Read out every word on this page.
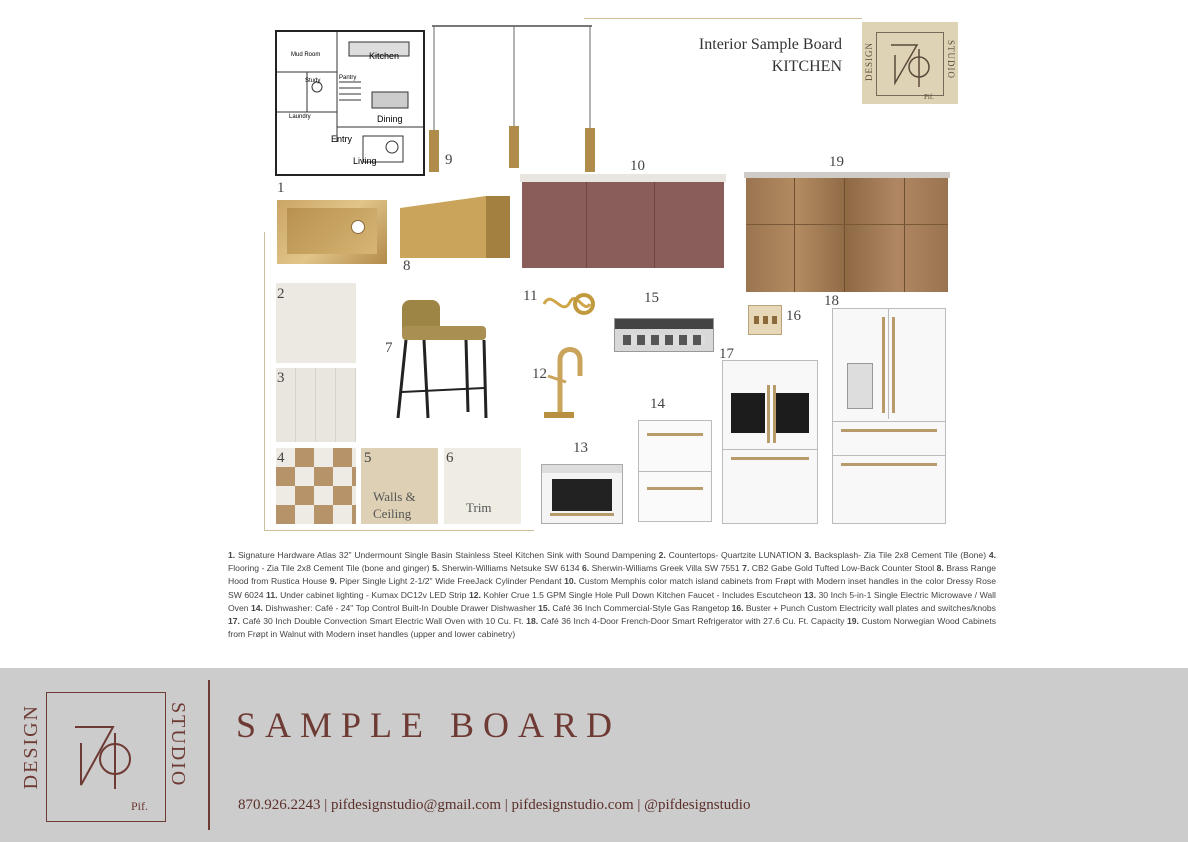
Mud Room	Kitchen
Study	Pantry
Laundry	Dining
Entry
Living
Interior Sample Board
KITCHEN DESIGN	STUDIO
Pif.
Walls &
Ceiling	Trim
1
2
3
4	5	6
7
8
9	10
11
12
13
14
15
16
17
18
19
1. Signature Hardware Atlas 32" Undermount Single Basin Stainless Steel Kitchen Sink with Sound Dampening 2. Countertops- Quartzite LUNATION 3. Backsplash- Zia Tile 2x8 Cement Tile (Bone) 4. Flooring - Zia Tile 2x8 Cement Tile (bone and ginger) 5. Sherwin-Williams Netsuke SW 6134 6. Sherwin-Williams Greek Villa SW 7551 7. CB2 Gabe Gold Tufted Low-Back Counter Stool 8. Brass Range Hood from Rustica House 9. Piper Single Light 2-1/2" Wide FreeJack Cylinder Pendant 10. Custom Memphis color match island cabinets from Frøpt with Modern inset handles in the color Dressy Rose SW 6024 11. Under cabinet lighting - Kumax DC12v LED Strip 12. Kohler Crue 1.5 GPM Single Hole Pull Down Kitchen Faucet - Includes Escutcheon 13. 30 Inch 5-in-1 Single Electric Microwave / Wall Oven 14. Dishwasher: Café - 24" Top Control Built-In Double Drawer Dishwasher 15. Café 36 Inch Commercial-Style Gas Rangetop 16. Buster + Punch Custom Electricity wall plates and switches/knobs 17. Café 30 Inch Double Convection Smart Electric Wall Oven with 10 Cu. Ft. 18. Café 36 Inch 4-Door French-Door Smart Refrigerator with 27.6 Cu. Ft. Capacity 19. Custom Norwegian Wood Cabinets from Frøpt in Walnut with Modern inset handles (upper and lower cabinetry)
Pif.
DESIGN	STUDIO SAMPLE BOARD
870.926.2243 | pifdesignstudio@gmail.com | pifdesignstudio.com | @pifdesignstudio
